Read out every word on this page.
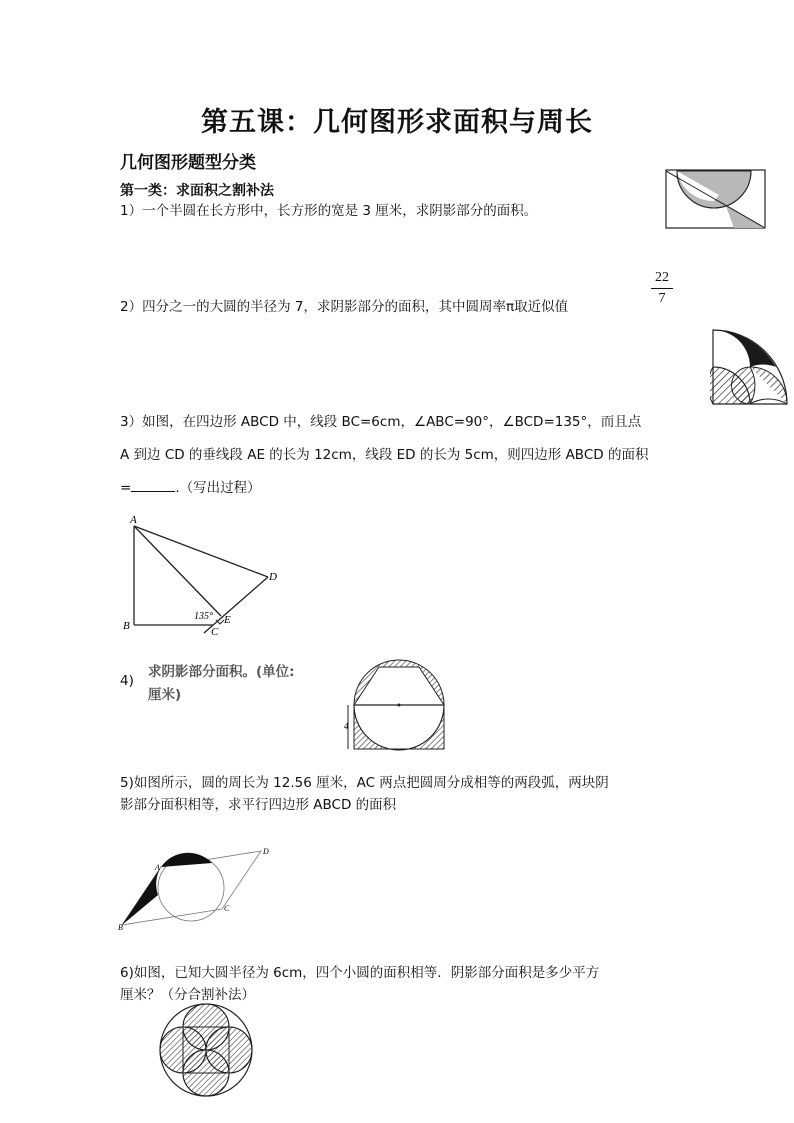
第五课：几何图形求面积与周长
几何图形题型分类
第一类：求面积之割补法
1）一个半圆在长方形中，长方形的宽是 3 厘米，求阴影部分的面积。
2）四分之一的大圆的半径为 7，求阴影部分的面积，其中圆周率π取近似值
22
7
3）如图，在四边形 ABCD 中，线段 BC=6cm，∠ABC=90°，∠BCD=135°，而且点
A 到边 CD 的垂线段 AE 的长为 12cm，线段 ED 的长为 5cm，则四边形 ABCD 的面积
=	.（写出过程）
A
B	C
D
E
135°
4)
求阴影部分面积。(单位:
厘米)
4
5)如图所示，圆的周长为 12.56 厘米，AC 两点把圆周分成相等的两段弧，两块阴
影部分面积相等，求平行四边形 ABCD 的面积
A
B
C
D
6)如图，已知大圆半径为 6cm，四个小圆的面积相等．阴影部分面积是多少平方
厘米？（分合割补法）
